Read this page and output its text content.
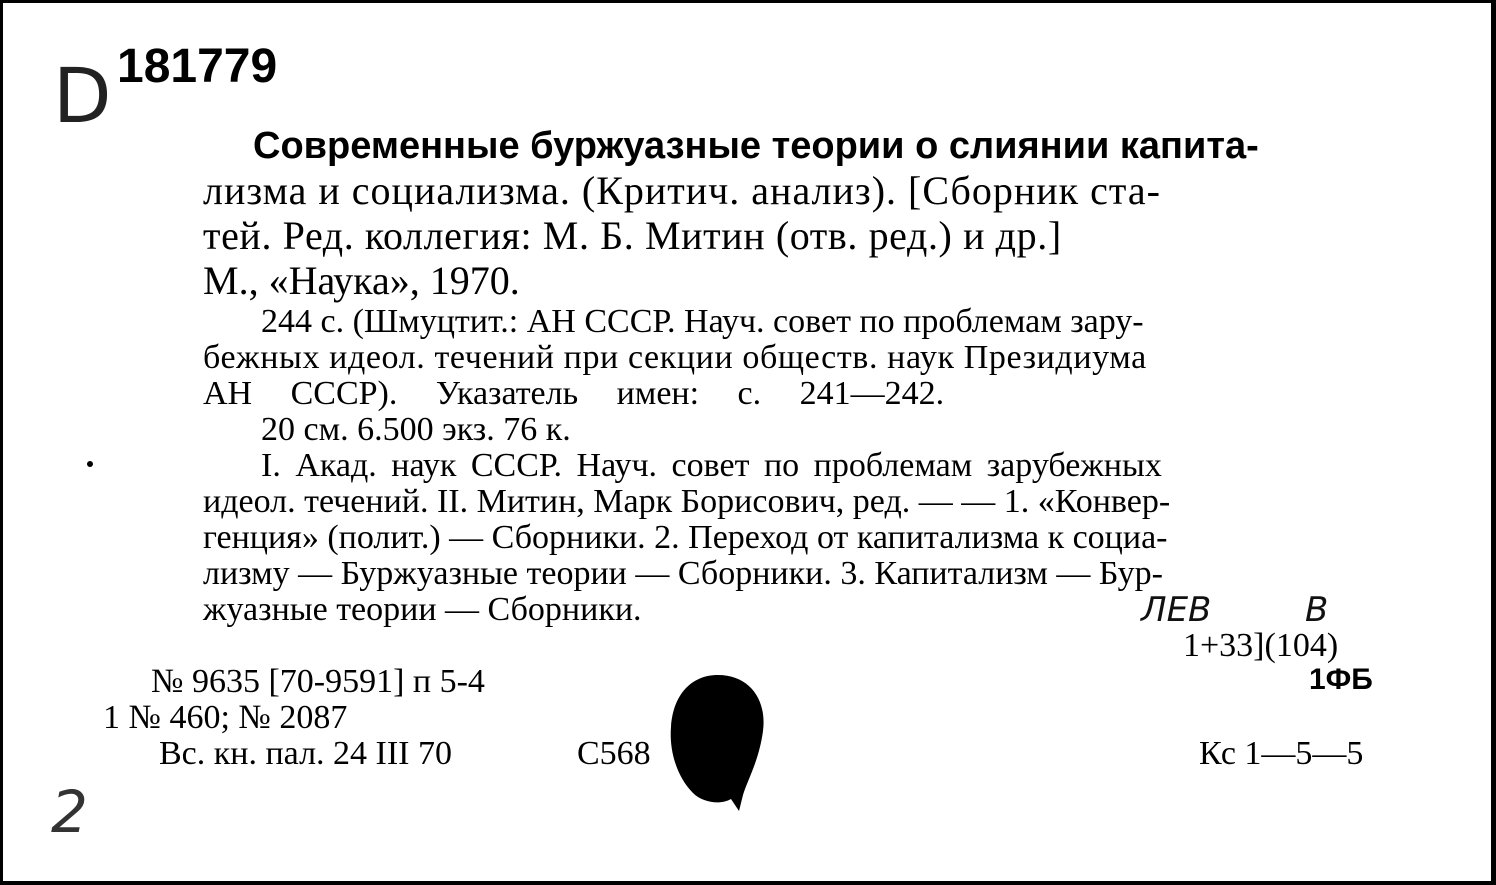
D 181779
Современные буржуазные теории о слиянии капита-
лизма и социализма. (Критич. анализ). [Сборник ста-
тей. Ред. коллегия: М. Б. Митин (отв. ред.) и др.]
М., «Наука», 1970.
244 с. (Шмуцтит.: АН СССР. Науч. совет по проблемам зару-
бежных идеол. течений при секции обществ. наук Президиума
АН СССР). Указатель имен: с. 241—242.
20 см. 6.500 экз. 76 к.
I. Акад. наук СССР. Науч. совет по проблемам зарубежных
идеол. течений. II. Митин, Марк Борисович, ред. — — 1. «Конвер-
генция» (полит.) — Сборники. 2. Переход от капитализма к социа-
лизму — Буржуазные теории — Сборники. 3. Капитализм — Бур-
жуазные теории — Сборники.	ЛЕВ	В
1+33](104)
1ФБ
№ 9635 [70-9591] п 5-4
1 № 460; № 2087
Вс. кн. пал. 24 III 70	С568	Кс 1—5—5
2
